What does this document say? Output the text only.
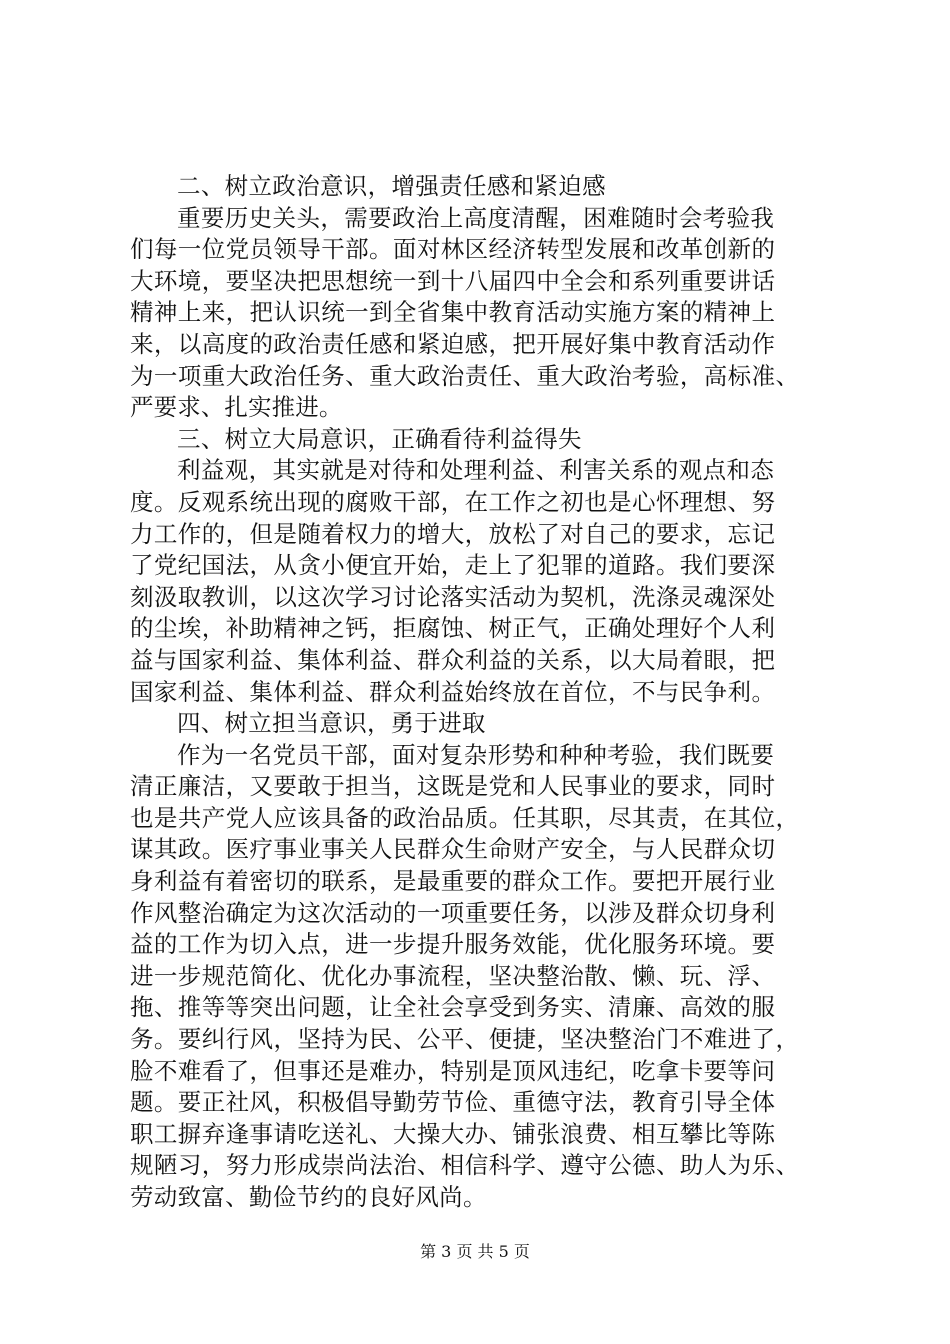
二、树立政治意识，增强责任感和紧迫感
重要历史关头，需要政治上高度清醒，困难随时会考验我
们每一位党员领导干部。面对林区经济转型发展和改革创新的
大环境，要坚决把思想统一到十八届四中全会和系列重要讲话
精神上来，把认识统一到全省集中教育活动实施方案的精神上
来，以高度的政治责任感和紧迫感，把开展好集中教育活动作
为一项重大政治任务、重大政治责任、重大政治考验，高标准、
严要求、扎实推进。
三、树立大局意识，正确看待利益得失
利益观，其实就是对待和处理利益、利害关系的观点和态
度。反观系统出现的腐败干部，在工作之初也是心怀理想、努
力工作的，但是随着权力的增大，放松了对自己的要求，忘记
了党纪国法，从贪小便宜开始，走上了犯罪的道路。我们要深
刻汲取教训，以这次学习讨论落实活动为契机，洗涤灵魂深处
的尘埃，补助精神之钙，拒腐蚀、树正气，正确处理好个人利
益与国家利益、集体利益、群众利益的关系，以大局着眼，把
国家利益、集体利益、群众利益始终放在首位，不与民争利。
四、树立担当意识，勇于进取
作为一名党员干部，面对复杂形势和种种考验，我们既要
清正廉洁，又要敢于担当，这既是党和人民事业的要求，同时
也是共产党人应该具备的政治品质。任其职，尽其责，在其位，
谋其政。医疗事业事关人民群众生命财产安全，与人民群众切
身利益有着密切的联系，是最重要的群众工作。要把开展行业
作风整治确定为这次活动的一项重要任务，以涉及群众切身利
益的工作为切入点，进一步提升服务效能，优化服务环境。要
进一步规范简化、优化办事流程，坚决整治散、懒、玩、浮、
拖、推等等突出问题，让全社会享受到务实、清廉、高效的服
务。要纠行风，坚持为民、公平、便捷，坚决整治门不难进了，
脸不难看了，但事还是难办，特别是顶风违纪，吃拿卡要等问
题。要正社风，积极倡导勤劳节俭、重德守法，教育引导全体
职工摒弃逢事请吃送礼、大操大办、铺张浪费、相互攀比等陈
规陋习，努力形成崇尚法治、相信科学、遵守公德、助人为乐、
劳动致富、勤俭节约的良好风尚。
第 3 页 共 5 页
